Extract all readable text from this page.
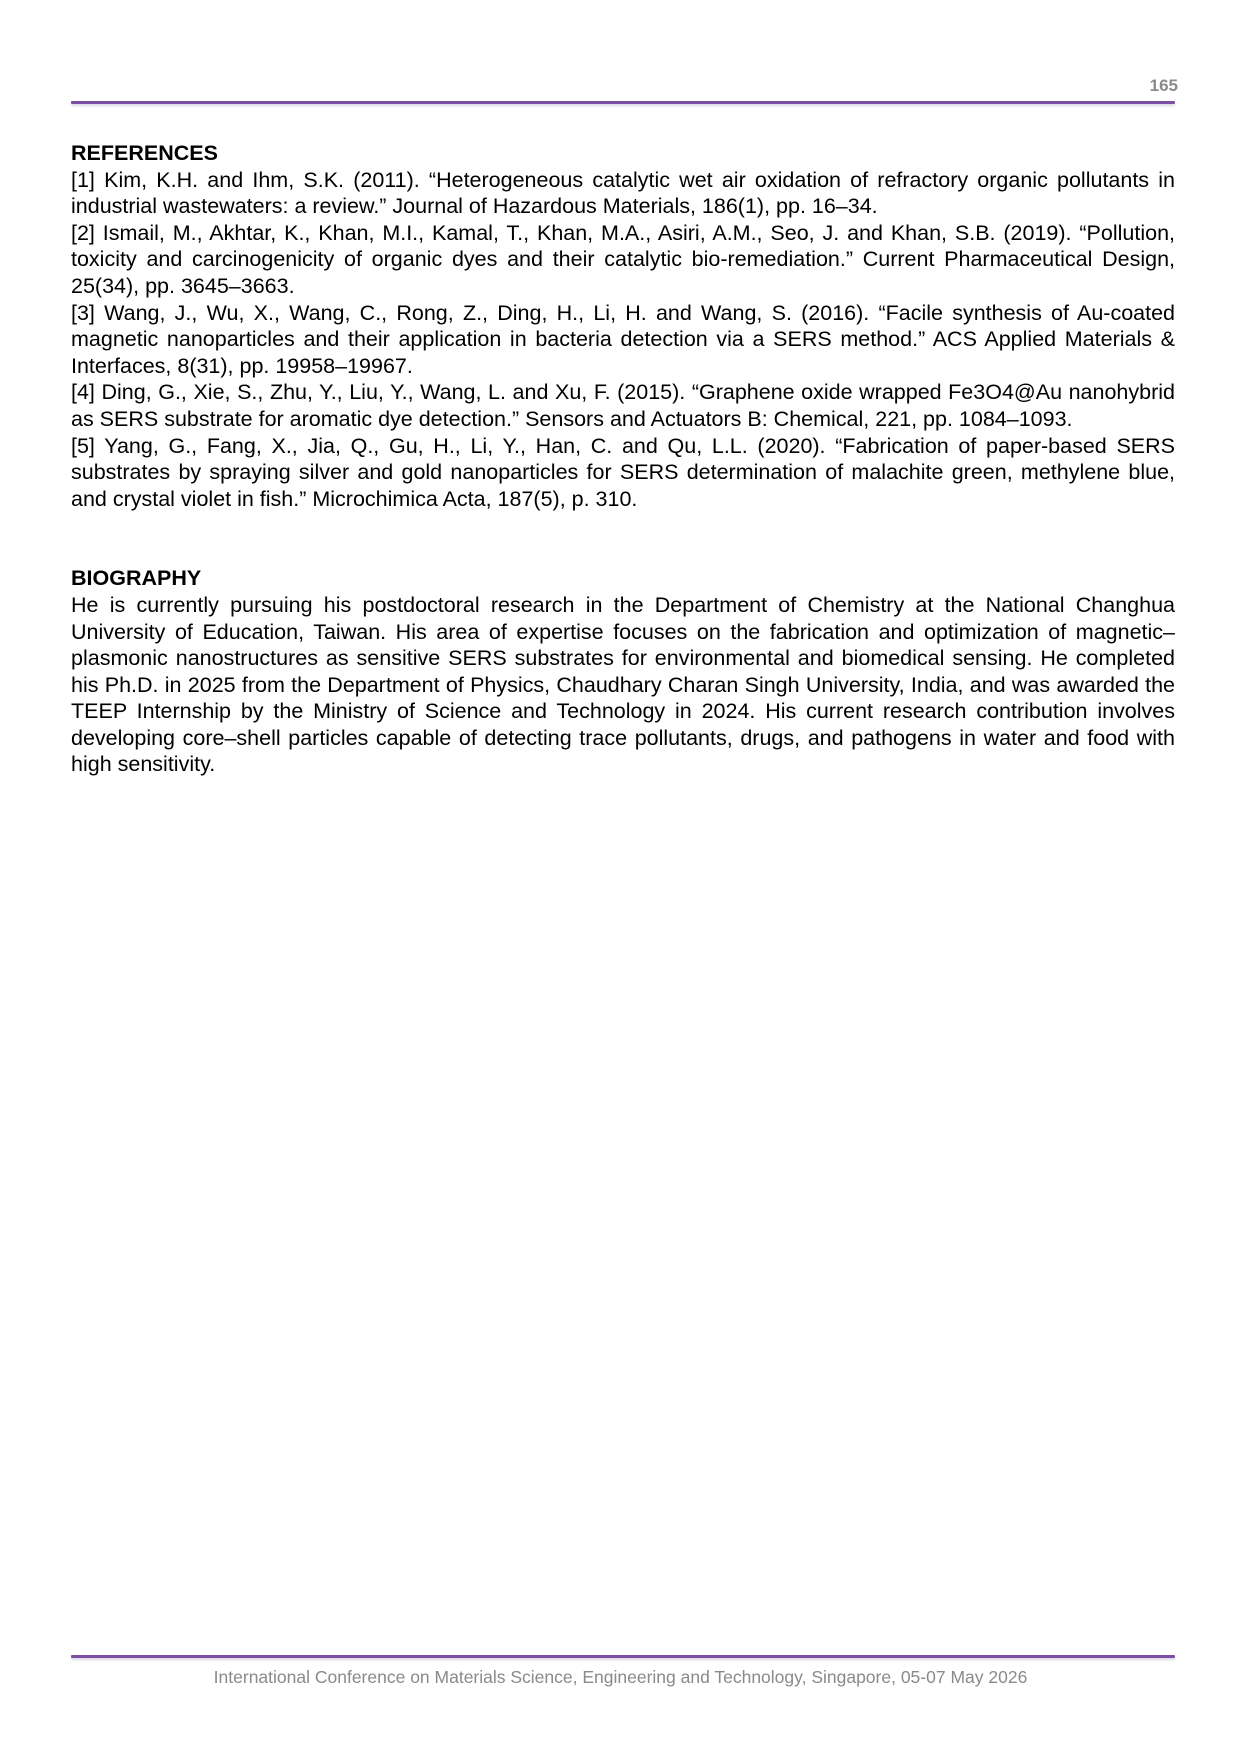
165
REFERENCES

[1] Kim, K.H. and Ihm, S.K. (2011). “Heterogeneous catalytic wet air oxidation of refractory organic pollutants in industrial wastewaters: a review.” Journal of Hazardous Materials, 186(1), pp. 16–34.

[2] Ismail, M., Akhtar, K., Khan, M.I., Kamal, T., Khan, M.A., Asiri, A.M., Seo, J. and Khan, S.B. (2019). “Pollution, toxicity and carcinogenicity of organic dyes and their catalytic bio-remediation.” Current Pharmaceutical Design, 25(34), pp. 3645–3663.

[3] Wang, J., Wu, X., Wang, C., Rong, Z., Ding, H., Li, H. and Wang, S. (2016). “Facile synthesis of Au-coated magnetic nanoparticles and their application in bacteria detection via a SERS method.” ACS Applied Materials & Interfaces, 8(31), pp. 19958–19967.

[4] Ding, G., Xie, S., Zhu, Y., Liu, Y., Wang, L. and Xu, F. (2015). “Graphene oxide wrapped Fe3O4@Au nanohybrid as SERS substrate for aromatic dye detection.” Sensors and Actuators B: Chemical, 221, pp. 1084–1093.

[5] Yang, G., Fang, X., Jia, Q., Gu, H., Li, Y., Han, C. and Qu, L.L. (2020). “Fabrication of paper-based SERS substrates by spraying silver and gold nanoparticles for SERS determination of malachite green, methylene blue, and crystal violet in fish.” Microchimica Acta, 187(5), p. 310.

BIOGRAPHY

He is currently pursuing his postdoctoral research in the Department of Chemistry at the National Changhua University of Education, Taiwan. His area of expertise focuses on the fabrication and optimization of magnetic–plasmonic nanostructures as sensitive SERS substrates for environmental and biomedical sensing. He completed his Ph.D. in 2025 from the Department of Physics, Chaudhary Charan Singh University, India, and was awarded the TEEP Internship by the Ministry of Science and Technology in 2024. His current research contribution involves developing core–shell particles capable of detecting trace pollutants, drugs, and pathogens in water and food with high sensitivity.

International Conference on Materials Science, Engineering and Technology, Singapore, 05-07 May 2026
